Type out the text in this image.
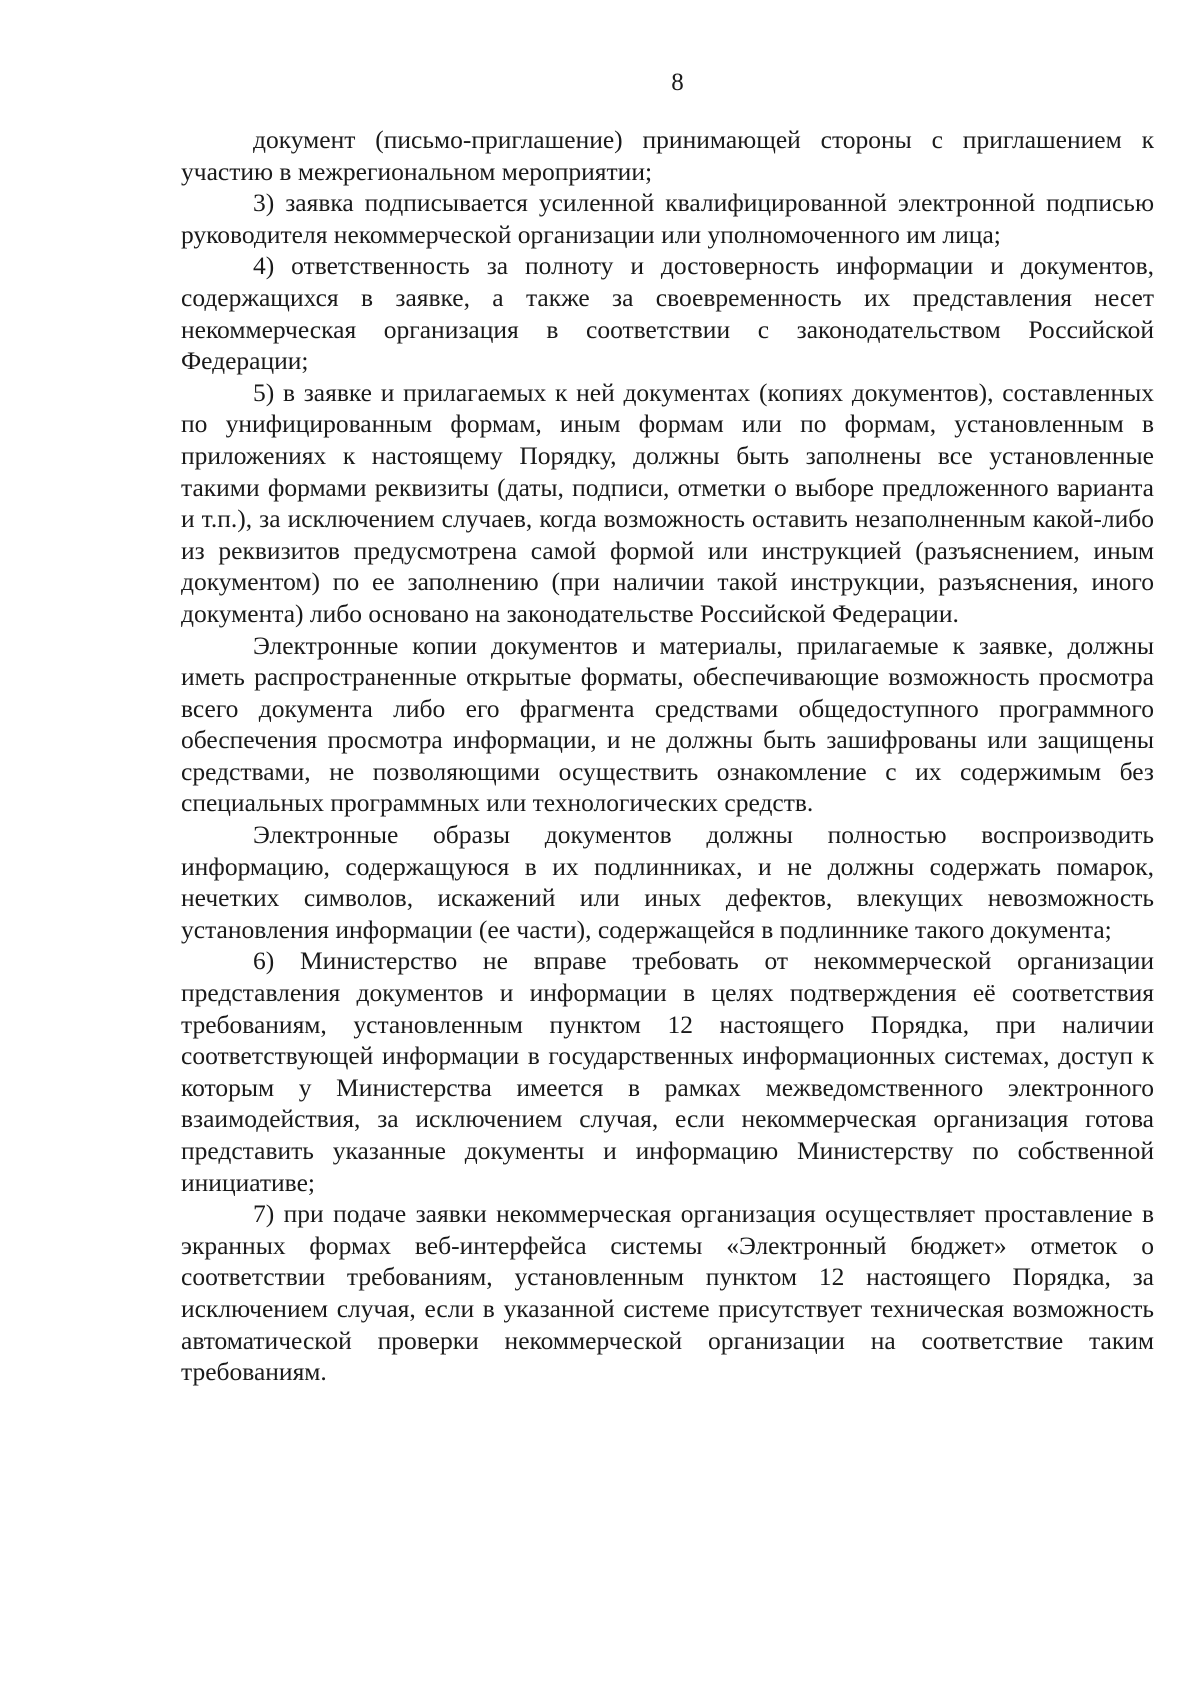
8

документ (письмо-приглашение) принимающей стороны с приглашением к участию в межрегиональном мероприятии;

3) заявка подписывается усиленной квалифицированной электронной подписью руководителя некоммерческой организации или уполномоченного им лица;

4) ответственность за полноту и достоверность информации и документов, содержащихся в заявке, а также за своевременность их представления несет некоммерческая организация в соответствии с законодательством Российской Федерации;

5) в заявке и прилагаемых к ней документах (копиях документов), составленных по унифицированным формам, иным формам или по формам, установленным в приложениях к настоящему Порядку, должны быть заполнены все установленные такими формами реквизиты (даты, подписи, отметки о выборе предложенного варианта и т.п.), за исключением случаев, когда возможность оставить незаполненным какой-либо из реквизитов предусмотрена самой формой или инструкцией (разъяснением, иным документом) по ее заполнению (при наличии такой инструкции, разъяснения, иного документа) либо основано на законодательстве Российской Федерации.

Электронные копии документов и материалы, прилагаемые к заявке, должны иметь распространенные открытые форматы, обеспечивающие возможность просмотра всего документа либо его фрагмента средствами общедоступного программного обеспечения просмотра информации, и не должны быть зашифрованы или защищены средствами, не позволяющими осуществить ознакомление с их содержимым без специальных программных или технологических средств.

Электронные образы документов должны полностью воспроизводить информацию, содержащуюся в их подлинниках, и не должны содержать помарок, нечетких символов, искажений или иных дефектов, влекущих невозможность установления информации (ее части), содержащейся в подлиннике такого документа;

6) Министерство не вправе требовать от некоммерческой организации представления документов и информации в целях подтверждения её соответствия требованиям, установленным пунктом 12 настоящего Порядка, при наличии соответствующей информации в государственных информационных системах, доступ к которым у Министерства имеется в рамках межведомственного электронного взаимодействия, за исключением случая, если некоммерческая организация готова представить указанные документы и информацию Министерству по собственной инициативе;

7) при подаче заявки некоммерческая организация осуществляет проставление в экранных формах веб-интерфейса системы «Электронный бюджет» отметок о соответствии требованиям, установленным пунктом 12 настоящего Порядка, за исключением случая, если в указанной системе присутствует техническая возможность автоматической проверки некоммерческой организации на соответствие таким требованиям.
